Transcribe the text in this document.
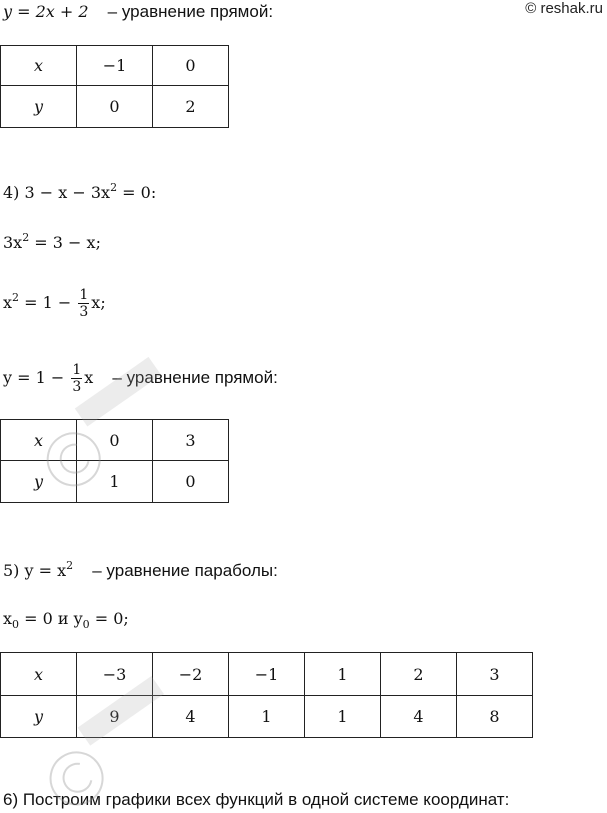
y = 2x + 2 – уравнение прямой:	© reshak.ru
x	−1	0
y	0	2
4) $3 - x - 3x^2 = 0$:
$3x^2 = 3 - x$;
$x^2 = 1 - \frac{1}{3} x$;
$y = 1 - \frac{1}{3}$ x – уравнение прямой:
x	0	3
y	1	0
5) $y = x^2$ – уравнение параболы:
$x_0 = 0$ и $y_0 = 0$;
x	−3	−2	−1	1	2	3
y	9	4	1	1	4	8
6) Построим графики всех функций в одной системе координат:
